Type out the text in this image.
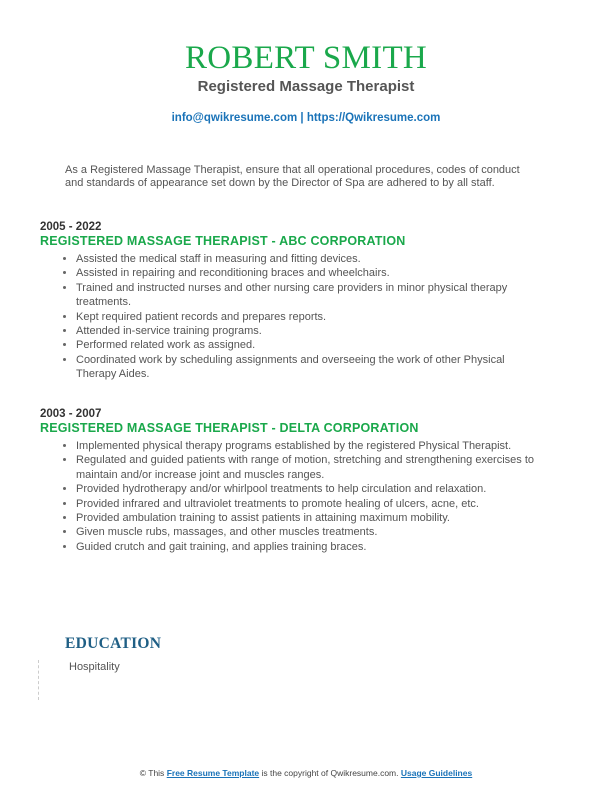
ROBERT SMITH
Registered Massage Therapist
info@qwikresume.com | https://Qwikresume.com
As a Registered Massage Therapist, ensure that all operational procedures, codes of conduct and standards of appearance set down by the Director of Spa are adhered to by all staff.
2005 - 2022
REGISTERED MASSAGE THERAPIST - ABC CORPORATION
• Assisted the medical staff in measuring and fitting devices.
• Assisted in repairing and reconditioning braces and wheelchairs.
• Trained and instructed nurses and other nursing care providers in minor physical therapy treatments.
• Kept required patient records and prepares reports.
• Attended in-service training programs.
• Performed related work as assigned.
• Coordinated work by scheduling assignments and overseeing the work of other Physical Therapy Aides.
2003 - 2007
REGISTERED MASSAGE THERAPIST - DELTA CORPORATION
• Implemented physical therapy programs established by the registered Physical Therapist.
• Regulated and guided patients with range of motion, stretching and strengthening exercises to maintain and/or increase joint and muscles ranges.
• Provided hydrotherapy and/or whirlpool treatments to help circulation and relaxation.
• Provided infrared and ultraviolet treatments to promote healing of ulcers, acne, etc.
• Provided ambulation training to assist patients in attaining maximum mobility.
• Given muscle rubs, massages, and other muscles treatments.
• Guided crutch and gait training, and applies training braces.
EDUCATION
Hospitality
© This Free Resume Template is the copyright of Qwikresume.com. Usage Guidelines
